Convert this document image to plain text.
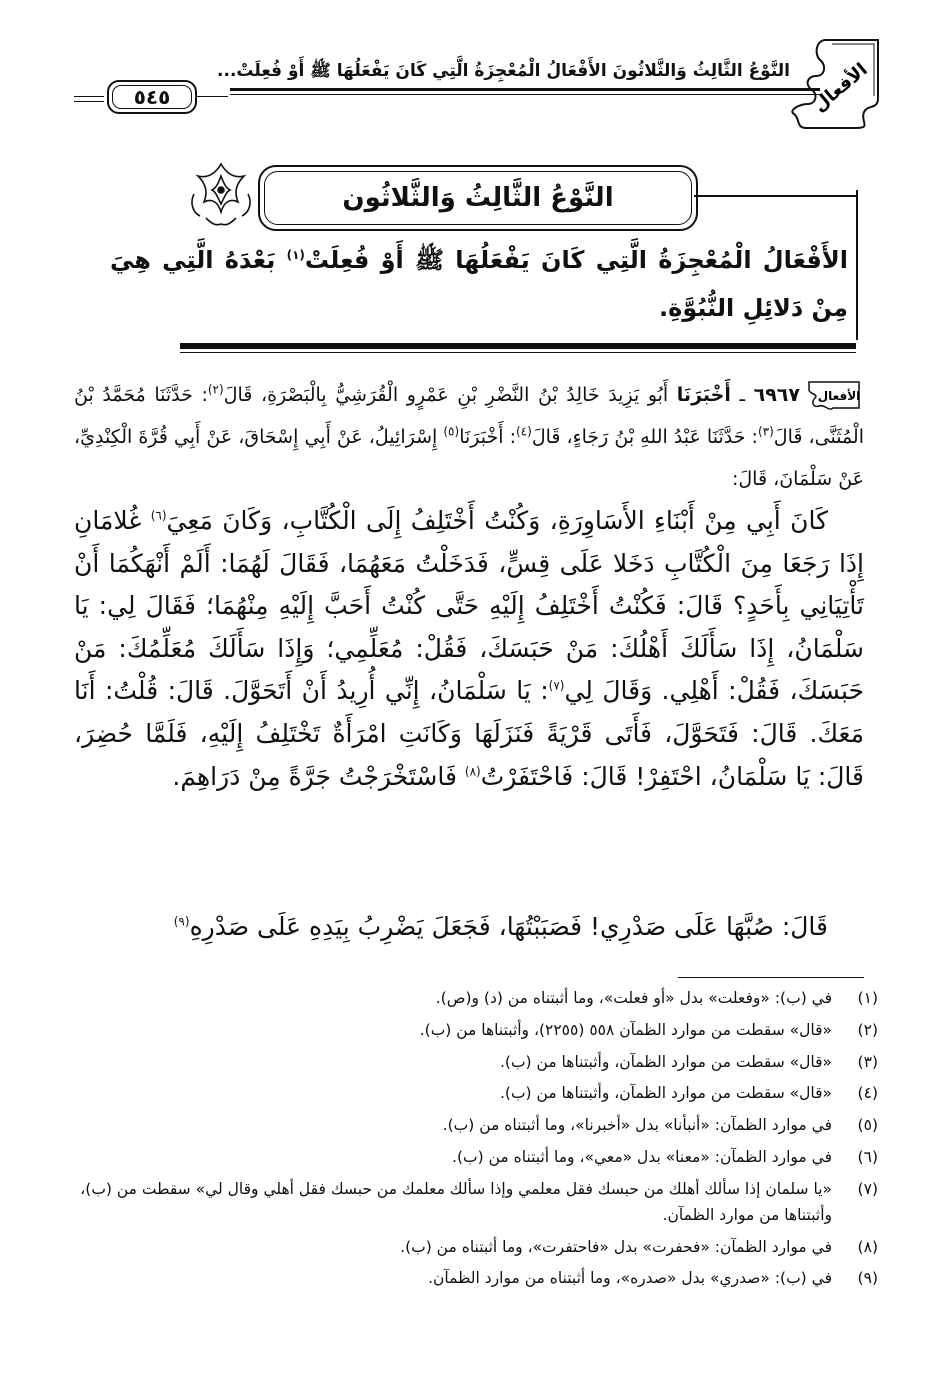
الأفعال
النَّوْعُ الثَّالِثُ وَالثَّلاثُونَ الأَفْعَالُ الْمُعْجِزَةُ الَّتِي كَانَ يَفْعَلُهَا ﷺ أَوْ فُعِلَتْ...
٥٤٥
النَّوْعُ الثَّالِثُ وَالثَّلاثُون
الأَفْعَالُ الْمُعْجِزَةُ الَّتِي كَانَ يَفْعَلُهَا ﷺ أَوْ فُعِلَتْ$^{(١)}$ بَعْدَهُ الَّتِي هِيَ مِنْ دَلائِلِ النُّبُوَّةِ.
الأفعال
٦٩٦٧ ـ أَخْبَرَنَا أَبُو يَزِيدَ خَالِدُ بْنُ النَّضْرِ بْنِ عَمْرٍو الْقُرَشِيُّ بِالْبَصْرَةِ، قَالَ$^{(٢)}$: حَدَّثَنَا مُحَمَّدُ بْنُ الْمُثَنَّى، قَالَ$^{(٣)}$: حَدَّثَنَا عَبْدُ اللهِ بْنُ رَجَاءٍ، قَالَ$^{(٤)}$: أَخْبَرَنَا$^{(٥)}$ إِسْرَائِيلُ، عَنْ أَبِي إِسْحَاقَ، عَنْ أَبِي قُرَّةَ الْكِنْدِيِّ، عَنْ سَلْمَانَ، قَالَ:
كَانَ أَبِي مِنْ أَبْنَاءِ الأَسَاوِرَةِ، وَكُنْتُ أَخْتَلِفُ إِلَى الْكُتَّابِ، وَكَانَ مَعِيَ$^{(٦)}$ غُلامَانِ إِذَا رَجَعَا مِنَ الْكُتَّابِ دَخَلا عَلَى قِسٍّ، فَدَخَلْتُ مَعَهُمَا، فَقَالَ لَهُمَا: أَلَمْ أَنْهَكُمَا أَنْ تَأْتِيَانِي بِأَحَدٍ؟ قَالَ: فَكُنْتُ أَخْتَلِفُ إِلَيْهِ حَتَّى كُنْتُ أَحَبَّ إِلَيْهِ مِنْهُمَا؛ فَقَالَ لِي: يَا سَلْمَانُ، إِذَا سَأَلَكَ أَهْلُكَ: مَنْ حَبَسَكَ، فَقُلْ: مُعَلِّمِي؛ وَإِذَا سَأَلَكَ مُعَلِّمُكَ: مَنْ حَبَسَكَ، فَقُلْ: أَهْلِي. وَقَالَ لِي$^{(٧)}$: يَا سَلْمَانُ، إِنِّي أُرِيدُ أَنْ أَتَحَوَّلَ. قَالَ: قُلْتُ: أَنَا مَعَكَ. قَالَ: فَتَحَوَّلَ، فَأَتَى قَرْيَةً فَنَزَلَهَا وَكَانَتِ امْرَأَةٌ تَخْتَلِفُ إِلَيْهِ، فَلَمَّا حُضِرَ، قَالَ: يَا سَلْمَانُ، احْتَفِرْ! قَالَ: فَاحْتَفَرْتُ$^{(٨)}$ فَاسْتَخْرَجْتُ جَرَّةً مِنْ دَرَاهِمَ.
قَالَ: صُبَّهَا عَلَى صَدْرِي! فَصَبَبْتُهَا، فَجَعَلَ يَضْرِبُ بِيَدِهِ عَلَى صَدْرِهِ$^{(٩)}$
(١)
في (ب): «وفعلت» بدل «أو فعلت»، وما أثبتناه من (د) و(ص).
(٢)
«قال» سقطت من موارد الظمآن ٥٥٨ (٢٢٥٥)، وأثبتناها من (ب).
(٣)
«قال» سقطت من موارد الظمآن، وأثبتناها من (ب).
(٤)
«قال» سقطت من موارد الظمآن، وأثبتناها من (ب).
(٥)
في موارد الظمآن: «أنبأنا» بدل «أخبرنا»، وما أثبتناه من (ب).
(٦)
في موارد الظمآن: «معنا» بدل «معي»، وما أثبتناه من (ب).
(٧)
«يا سلمان إذا سألك أهلك من حبسك فقل معلمي وإذا سألك معلمك من حبسك فقل أهلي وقال لي» سقطت من (ب)، وأثبتناها من موارد الظمآن.
(٨)
في موارد الظمآن: «فحفرت» بدل «فاحتفرت»، وما أثبتناه من (ب).
(٩)
في (ب): «صدري» بدل «صدره»، وما أثبتناه من موارد الظمآن.
